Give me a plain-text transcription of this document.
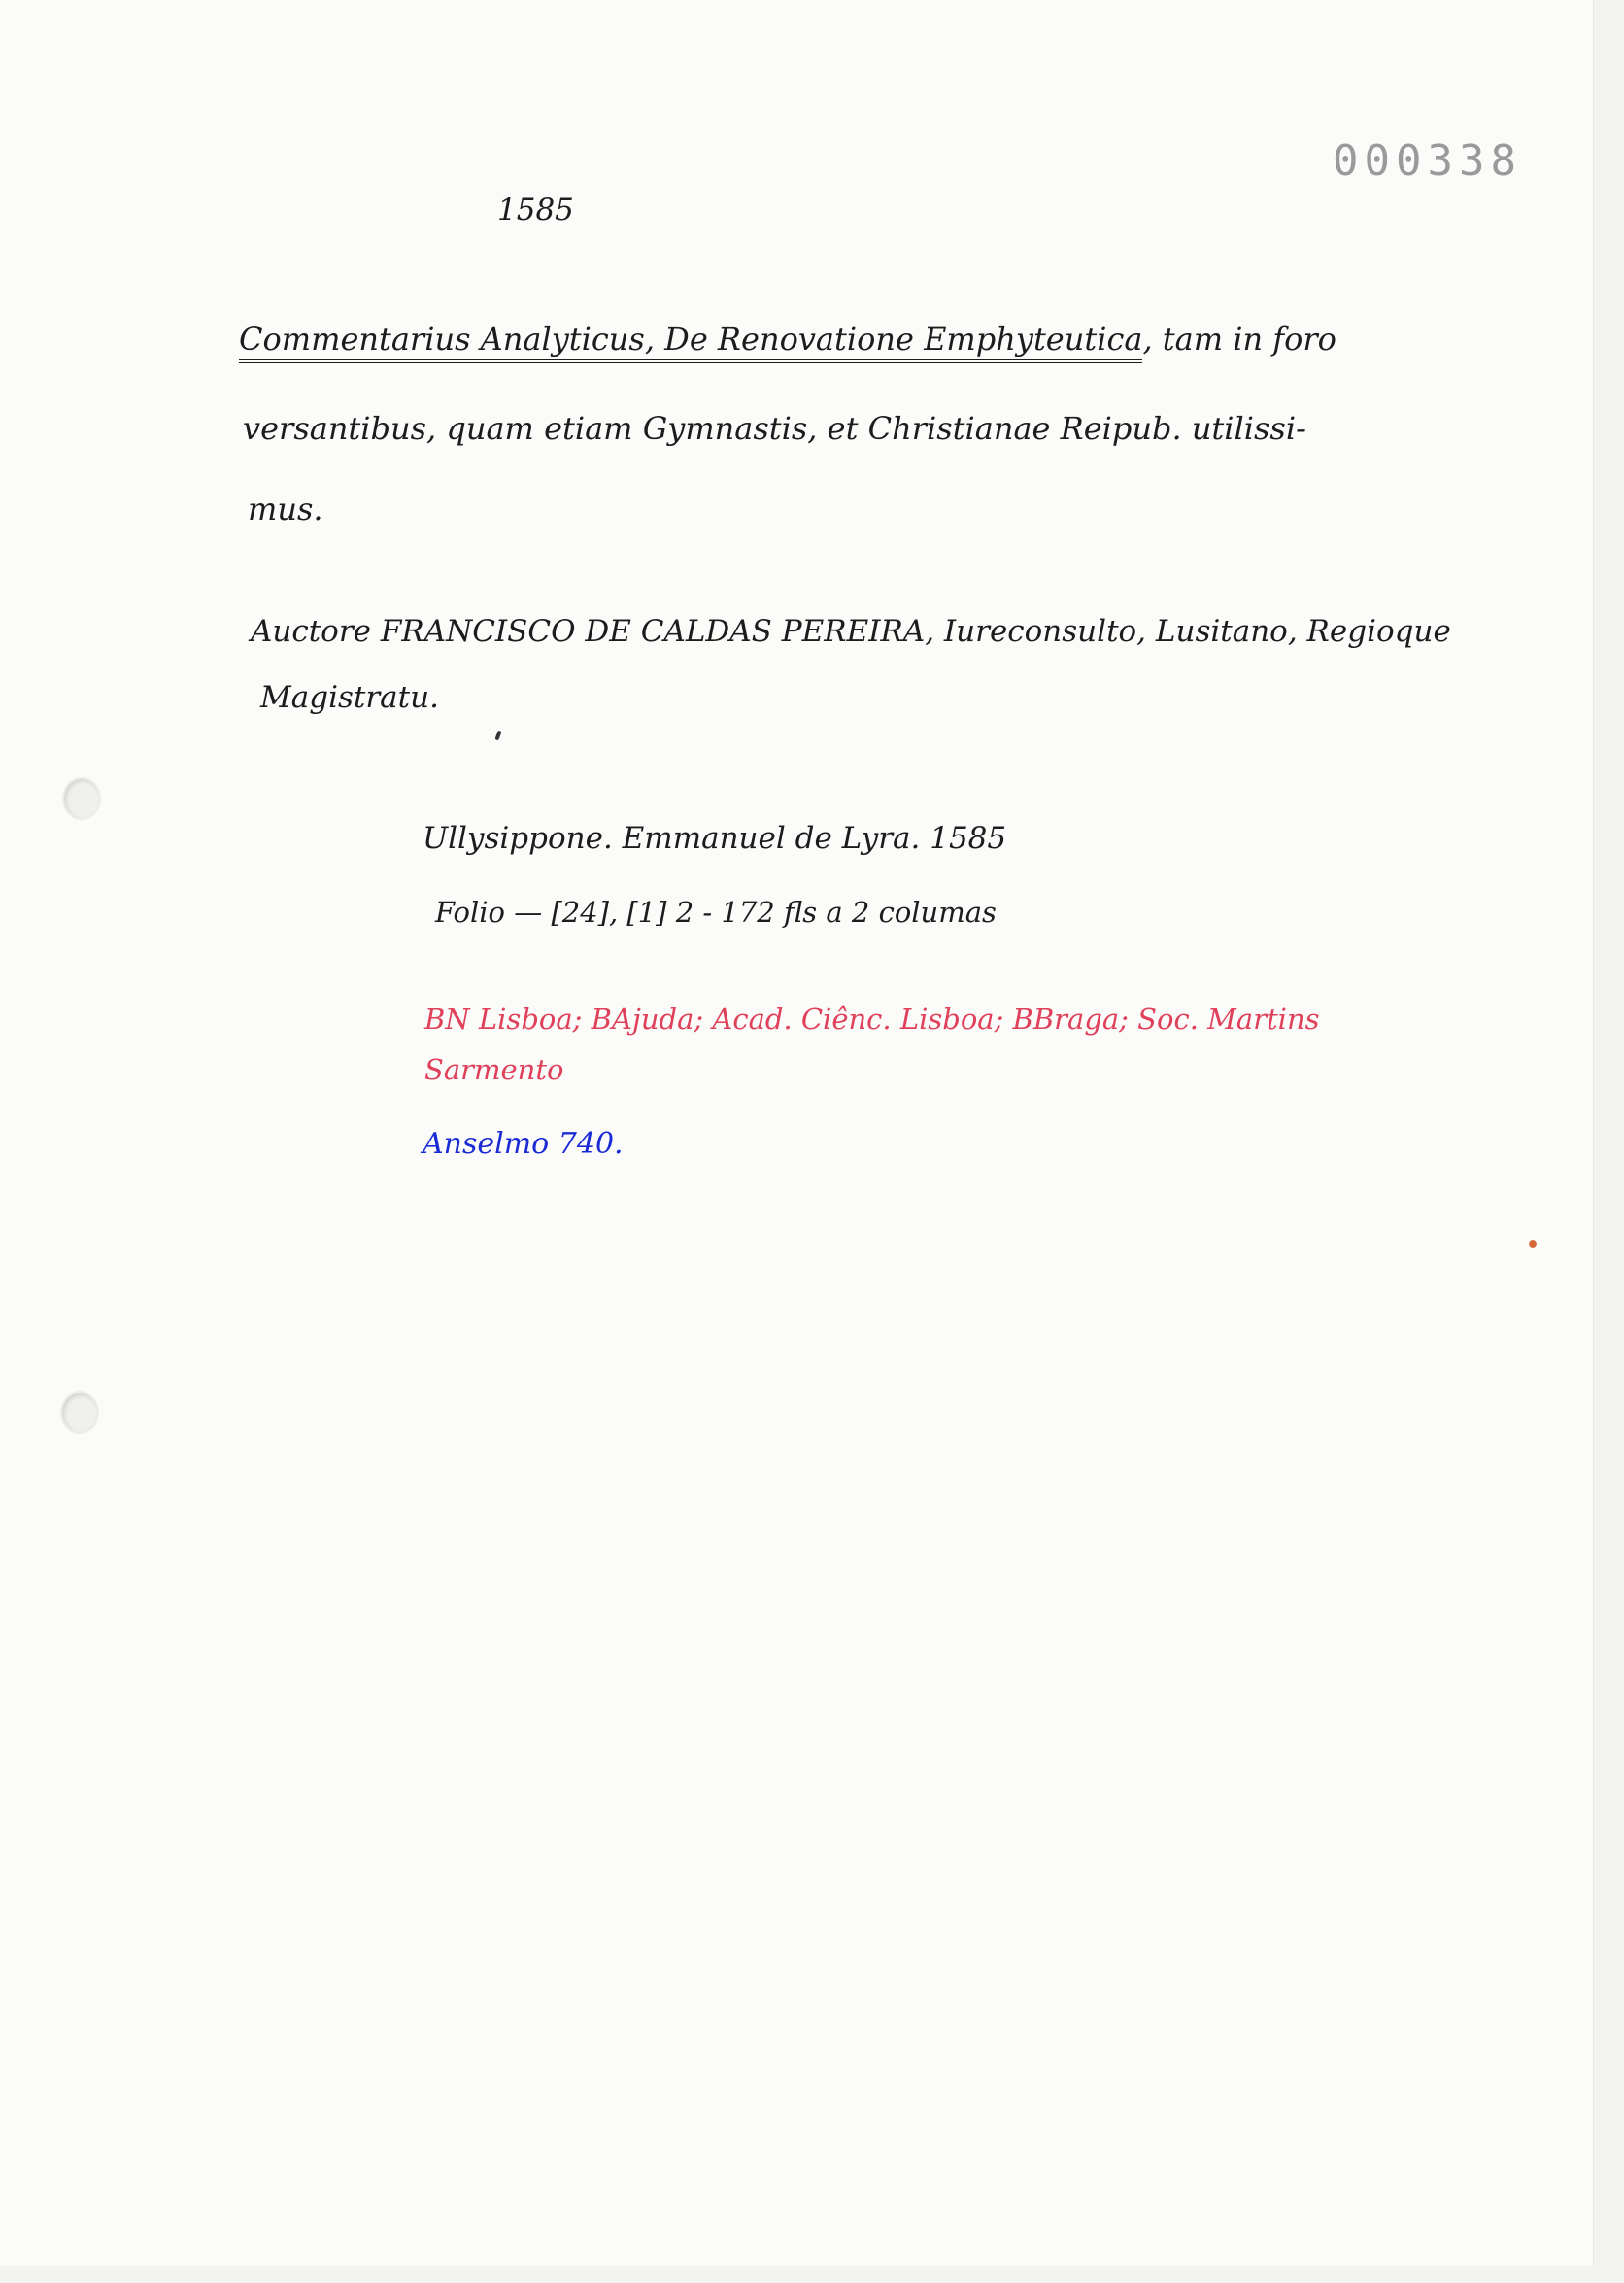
000338
1585
Commentarius Analyticus, De Renovatione Emphyteutica, tam in foro
versantibus, quam etiam Gymnastis, et Christianae Reipub. utilissi-
mus.
Auctore FRANCISCO DE CALDAS PEREIRA, Iureconsulto, Lusitano, Regioque
Magistratu.
Ullysippone. Emmanuel de Lyra. 1585
Folio — [24], [1] 2 - 172 fls a 2 columas
BN Lisboa; BAjuda; Acad. Ciênc. Lisboa; BBraga; Soc. Martins
Sarmento
Anselmo 740.
